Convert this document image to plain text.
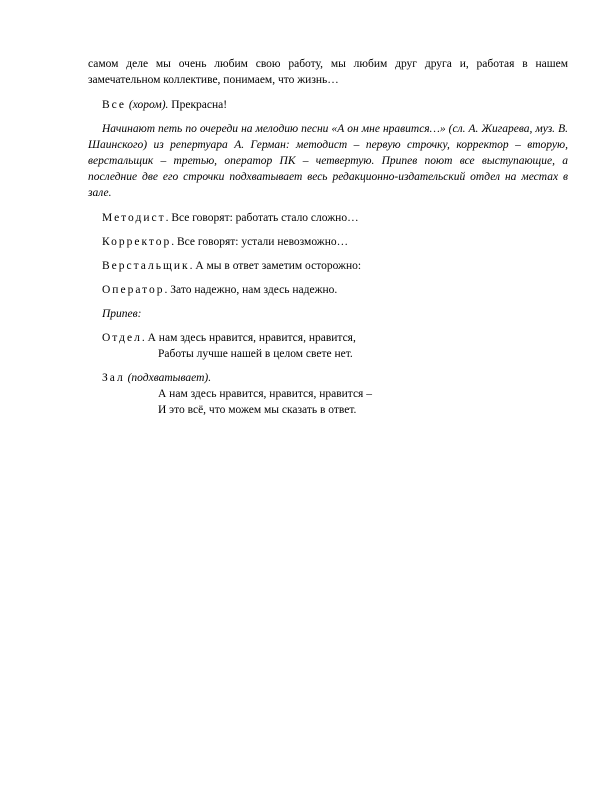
самом деле мы очень любим свою работу, мы любим друг друга и, работая в нашем замечательном коллективе, понимаем, что жизнь…

Все (хором). Прекрасна!

Начинают петь по очереди на мелодию песни «А он мне нравится…» (сл. А. Жигарева, муз. В. Шаинского) из репертуара А. Герман: методист – первую строчку, корректор – вторую, верстальщик – третью, оператор ПК – четвертую. Припев поют все выступающие, а последние две его строчки подхватывает весь редакционно-издательский отдел на местах в зале.

Методист. Все говорят: работать стало сложно…

Корректор. Все говорят: устали невозможно…

Верстальщик. А мы в ответ заметим осторожно:

Оператор. Зато надежно, нам здесь надежно.

Припев:

Отдел. А нам здесь нравится, нравится, нравится,

Работы лучше нашей в целом свете нет.

Зал (подхватывает).

А нам здесь нравится, нравится, нравится –

И это всё, что можем мы сказать в ответ.
